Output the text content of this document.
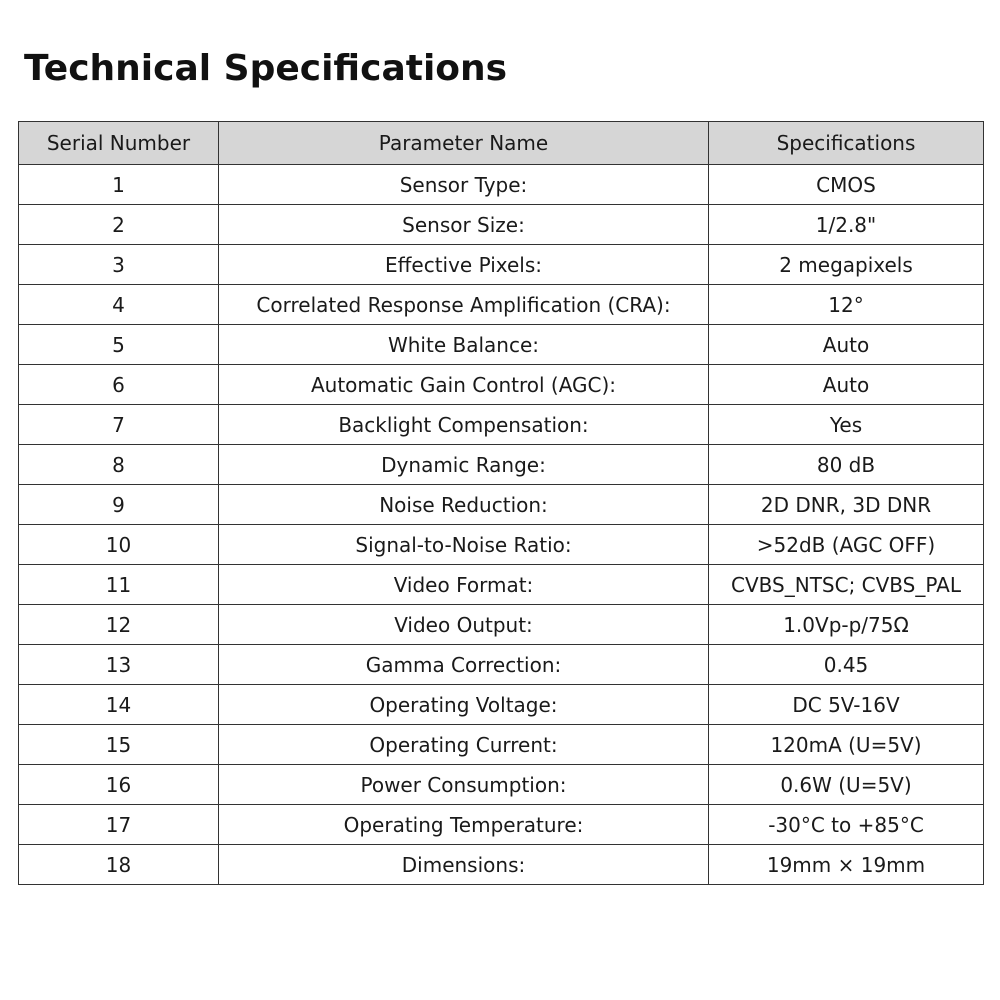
Technical Specifications
Serial Number	Parameter Name	Specifications
1	Sensor Type:	CMOS
2	Sensor Size:	1/2.8"
3	Effective Pixels:	2 megapixels
4	Correlated Response Amplification (CRA):	12°
5	White Balance:	Auto
6	Automatic Gain Control (AGC):	Auto
7	Backlight Compensation:	Yes
8	Dynamic Range:	80 dB
9	Noise Reduction:	2D DNR, 3D DNR
10	Signal-to-Noise Ratio:	>52dB (AGC OFF)
11	Video Format:	CVBS_NTSC; CVBS_PAL
12	Video Output:	1.0Vp-p/75Ω
13	Gamma Correction:	0.45
14	Operating Voltage:	DC 5V-16V
15	Operating Current:	120mA (U=5V)
16	Power Consumption:	0.6W (U=5V)
17	Operating Temperature:	-30°C to +85°C
18	Dimensions:	19mm × 19mm
